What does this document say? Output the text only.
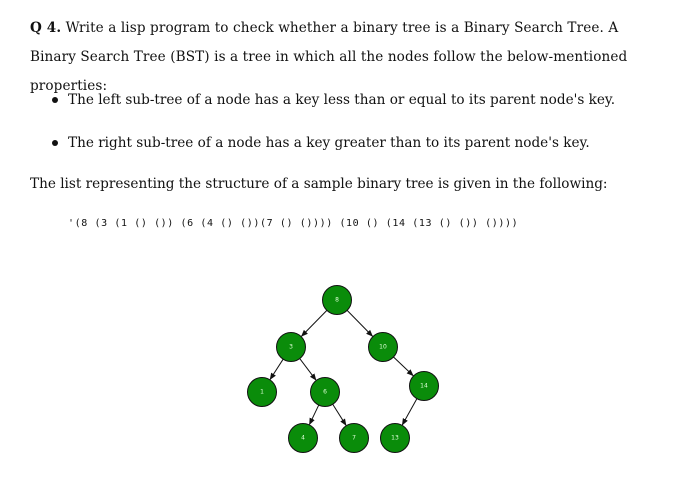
Q 4. Write a lisp program to check whether a binary tree is a Binary Search Tree. A Binary Search Tree (BST) is a tree in which all the nodes follow the below-mentioned properties:
The left sub-tree of a node has a key less than or equal to its parent node's key.
The right sub-tree of a node has a key greater than to its parent node's key.
The list representing the structure of a sample binary tree is given in the following:
'(8 (3 (1 () ()) (6 (4 () ())(7 () ()))) (10 () (14 (13 () ()) ())))
8
3	10
1	6
14
4	7	13
